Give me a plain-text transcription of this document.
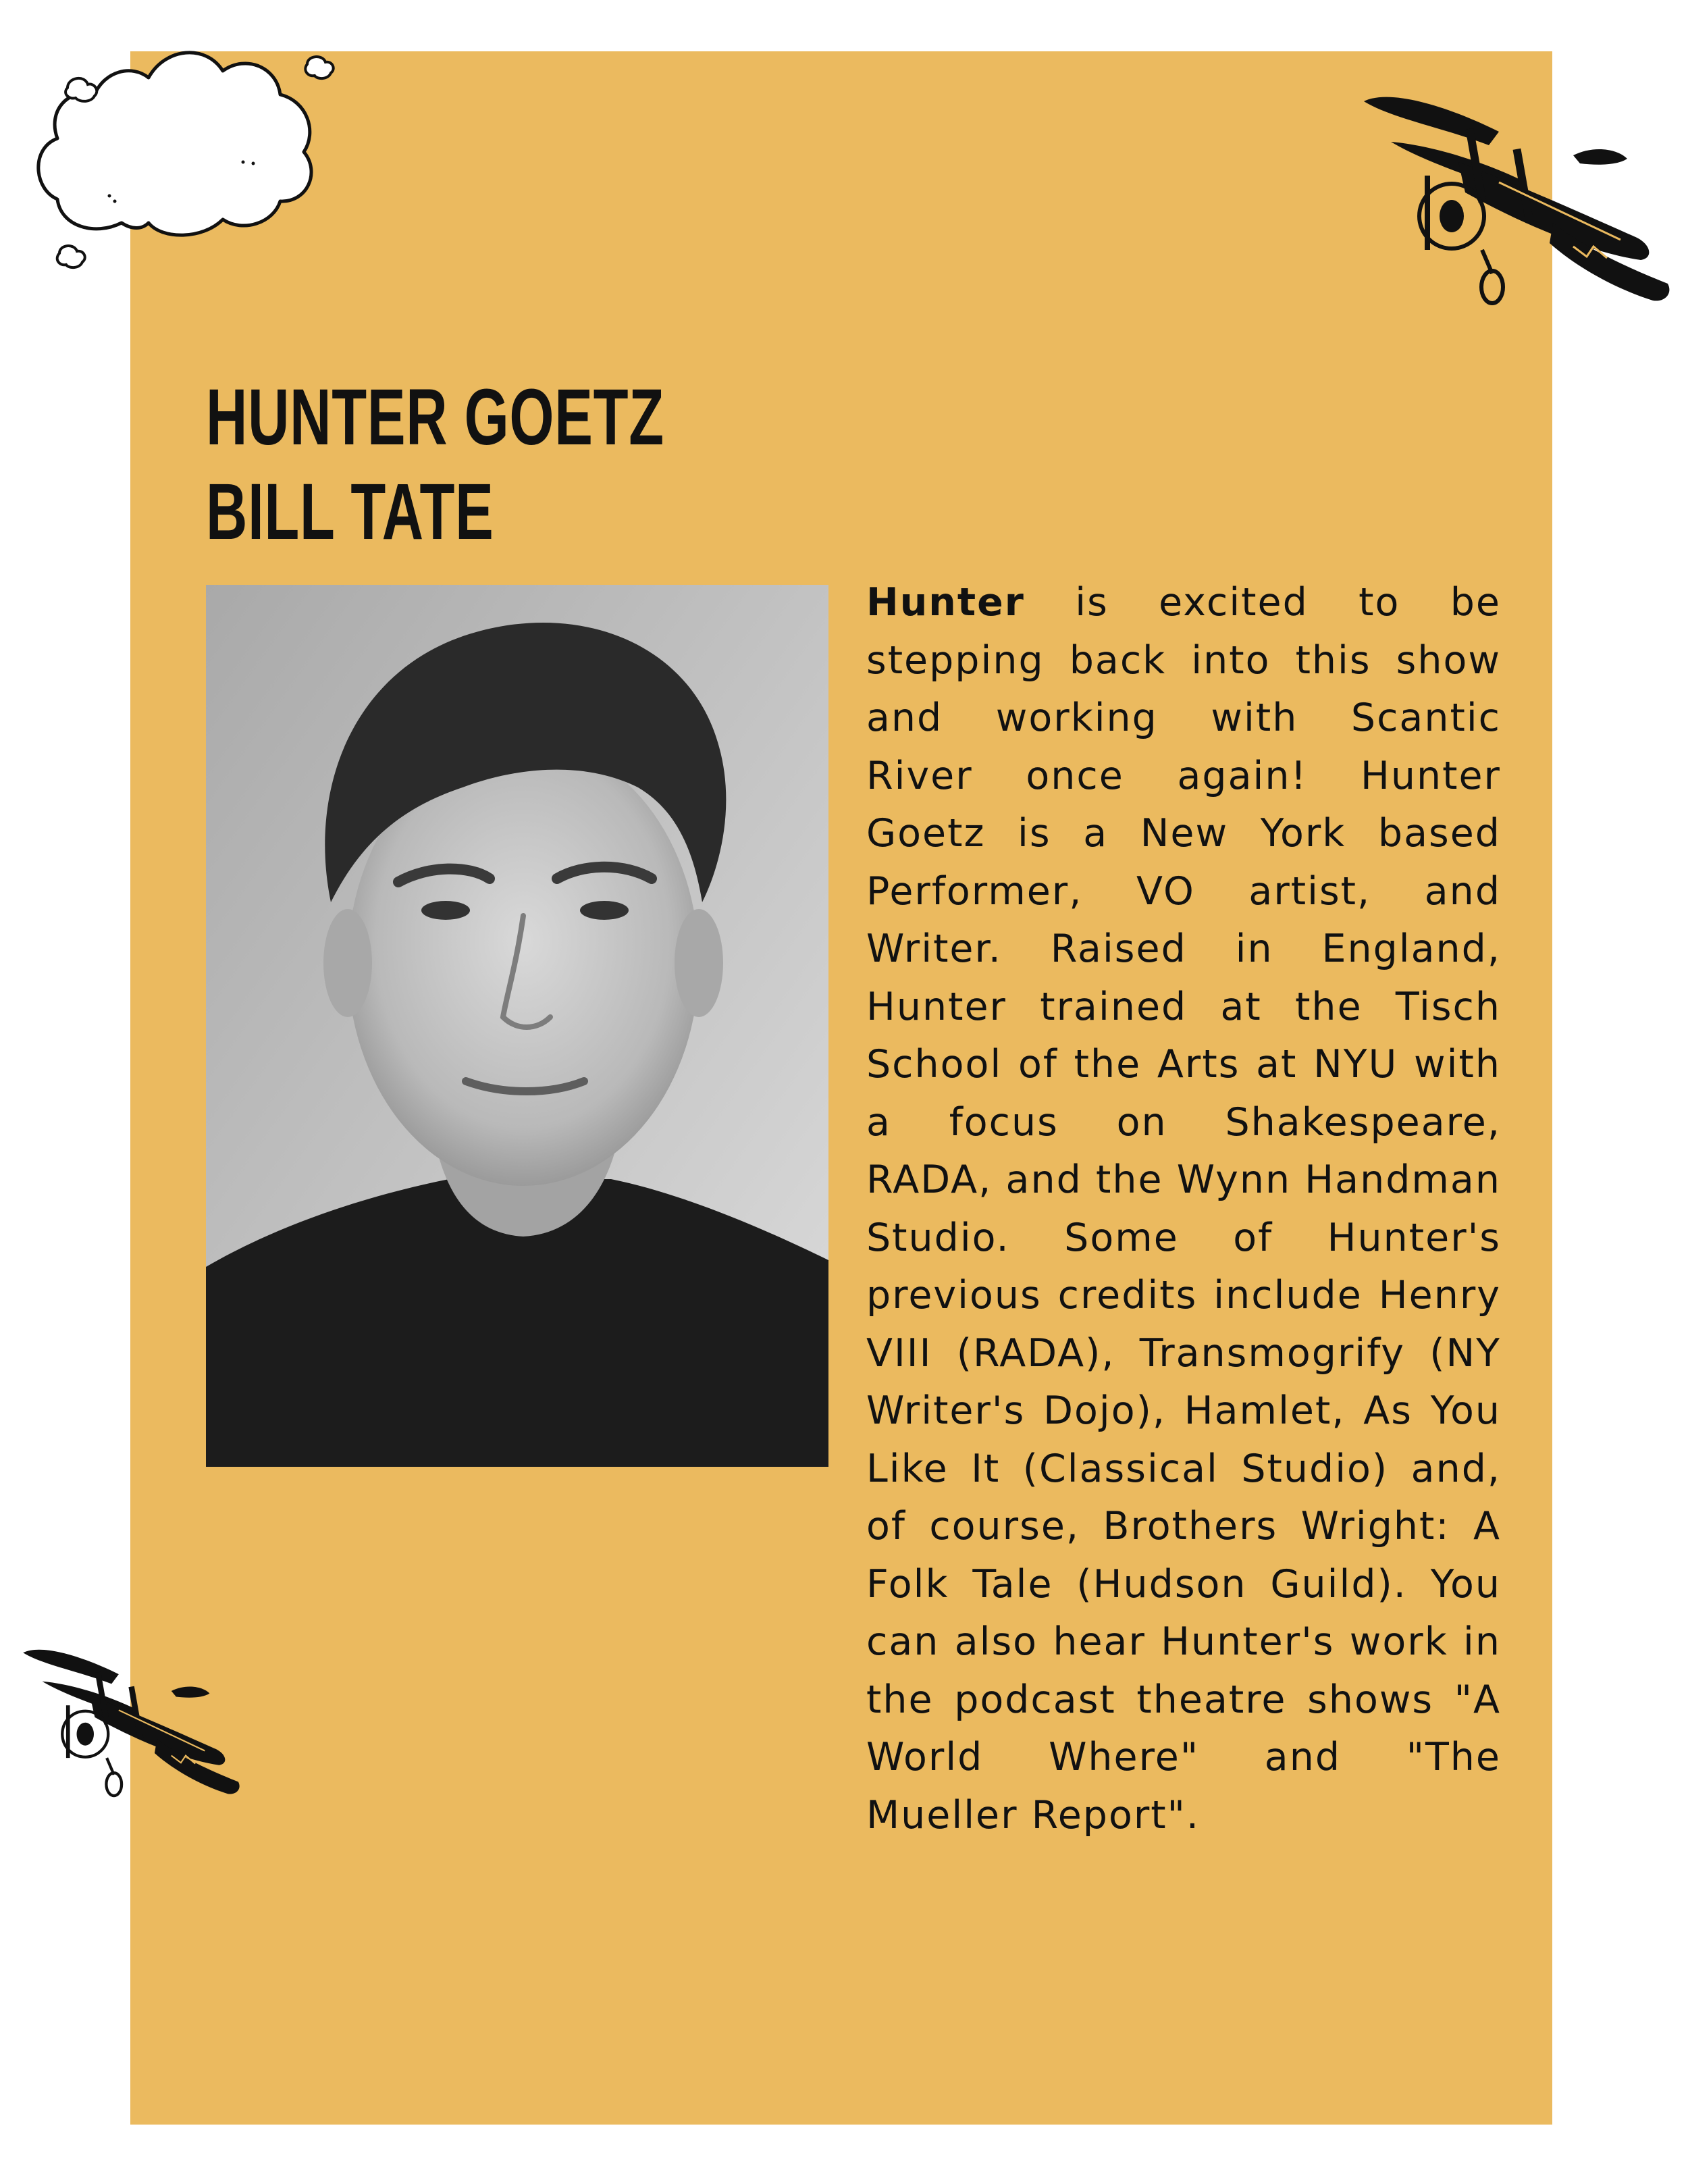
HUNTER GOETZ
BILL TATE

Hunter is excited to be stepping back into this show and working with Scantic River once again! Hunter Goetz is a New York based Performer, VO artist, and Writer. Raised in England, Hunter trained at the Tisch School of the Arts at NYU with a focus on Shakespeare, RADA, and the Wynn Handman Studio. Some of Hunter's previous credits include Henry VIII (RADA), Transmogrify (NY Writer's Dojo), Hamlet, As You Like It (Classical Studio) and, of course, Brothers Wright: A Folk Tale (Hudson Guild). You can also hear Hunter's work in the podcast theatre shows "A World Where" and "The Mueller Report".
